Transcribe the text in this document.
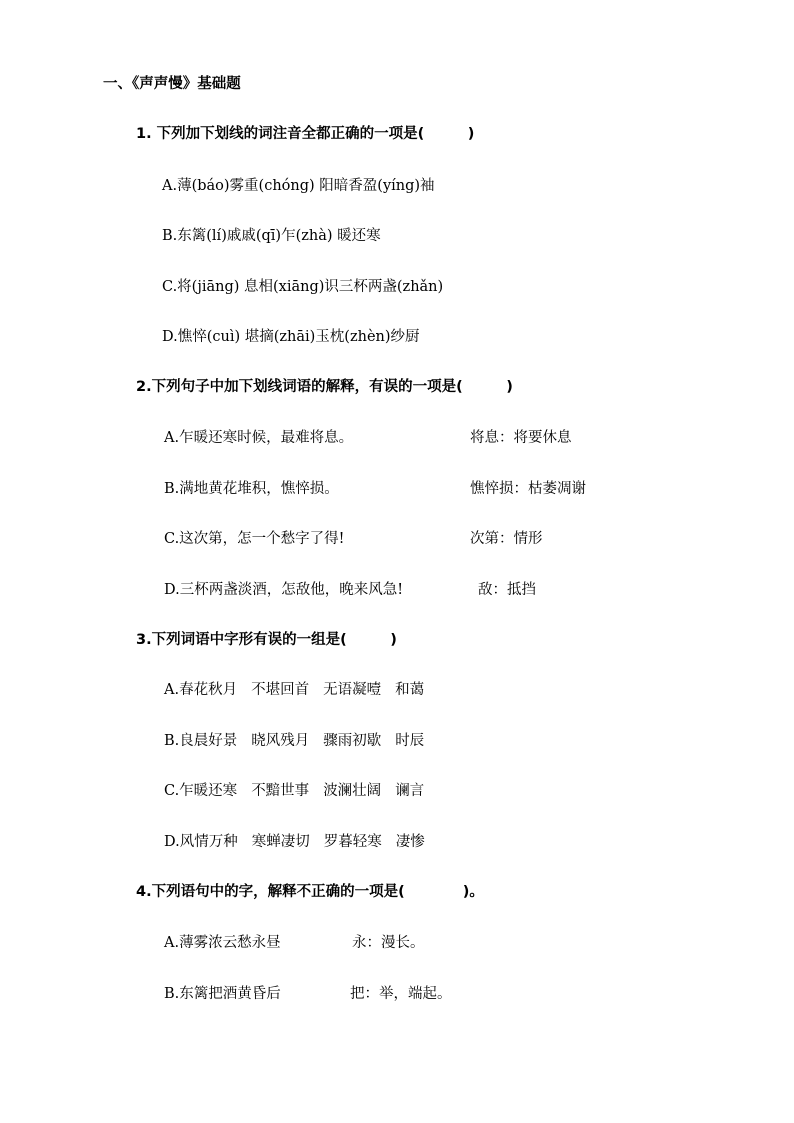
一、《声声慢》基础题
1. 下列加下划线的词注音全都正确的一项是(　　　)
A.薄(báo)雾重(chóng) 阳暗香盈(yíng)袖
B.东篱(lí)戚戚(qī)乍(zhà) 暖还寒
C.将(jiāng) 息相(xiāng)识三杯两盏(zhǎn)
D.憔悴(cuì) 堪摘(zhāi)玉枕(zhèn)纱厨
2.下列句子中加下划线词语的解释，有误的一项是(　　　)
A.乍暖还寒时候，最难将息。	将息：将要休息
B.满地黄花堆积，憔悴损。	憔悴损：枯萎凋谢
C.这次第，怎一个愁字了得!	次第：情形
D.三杯两盏淡酒，怎敌他，晚来风急!	敌：抵挡
3.下列词语中字形有误的一组是(　　　)
A.春花秋月 不堪回首 无语凝噎 和蔼
B.良晨好景 晓风残月 骤雨初歇 时辰
C.乍暖还寒 不黯世事 波澜壮阔 谰言
D.风情万种 寒蝉凄切 罗暮轻寒 凄惨
4.下列语句中的字，解释不正确的一项是(　　　　)。
A.薄雾浓云愁永昼	永：漫长。
B.东篱把酒黄昏后	把：举，端起。
